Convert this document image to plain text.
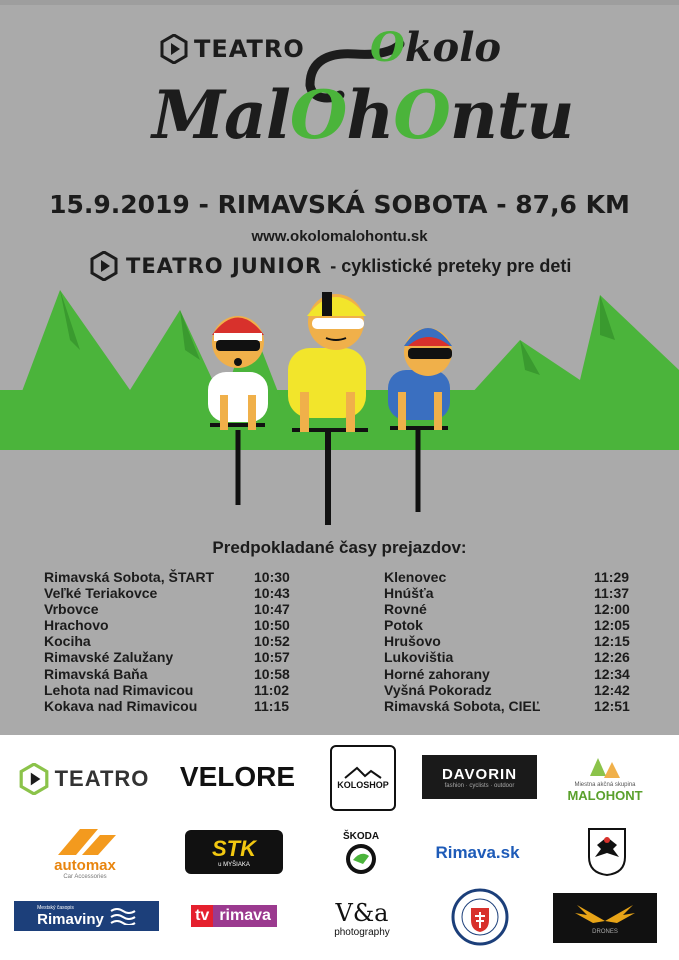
TEATRO Okolo
MalOhOntu
15.9.2019 - RIMAVSKÁ SOBOTA - 87,6 KM
www.okolomalohontu.sk
TEATRO JUNIOR - cyklistické preteky pre deti
Predpokladané časy prejazdov:
Rimavská Sobota, ŠTART	10:30
Veľké Teriakovce	10:43
Vrbovce	10:47
Hrachovo	10:50
Kociha	10:52
Rimavské Zalužany	10:57
Rimavská Baňa	10:58
Lehota nad Rimavicou	11:02
Kokava nad Rimavicou	11:15
Klenovec	11:29
Hnúšťa	11:37
Rovné	12:00
Potok	12:05
Hrušovo	12:15
Lukovištia	12:26
Horné zahorany	12:34
Vyšná Pokoradz	12:42
Rimavská Sobota, CIEĽ	12:51
TEATRO VELORE	KOLOSHOP
DAVORIN
fashion · cyclists · outdoor	Miestna akčná skupina
MALOHONT
automax
Car Accessories
STK
u MYŠIAKA
ŠKODA
Rimava.sk
Mestský časopis
Rimaviny	tv rimava	V&a
photography	DRONES
